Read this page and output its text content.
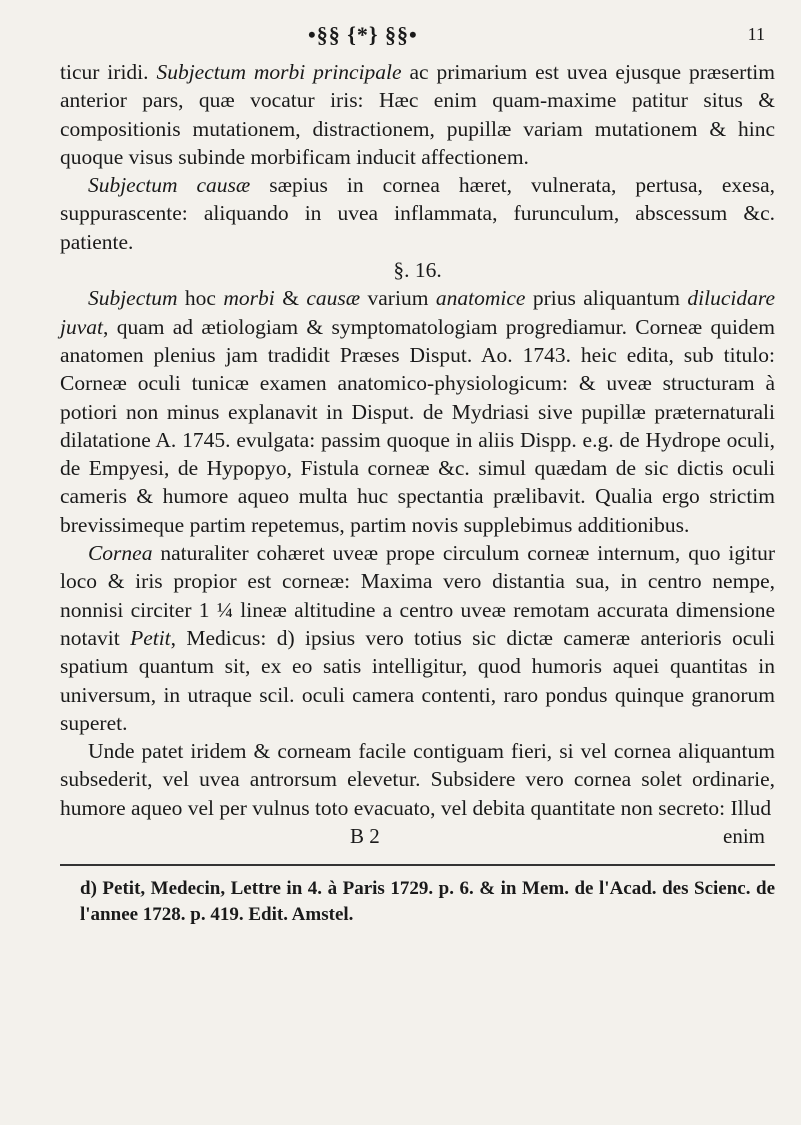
•§§ {*} §§•	11

ticur iridi. Subjectum morbi principale ac primarium est uvea ejusque præsertim anterior pars, quæ vocatur iris: Hæc enim quam-maxime patitur situs & compositionis mutationem, distractionem, pupillæ variam mutationem & hinc quoque visus subinde morbificam inducit affectionem.

Subjectum causæ sæpius in cornea hæret, vulnerata, pertusa, exesa, suppurascente: aliquando in uvea inflammata, furunculum, abscessum &c. patiente.

§. 16.

Subjectum hoc morbi & causæ varium anatomice prius aliquantum dilucidare juvat, quam ad ætiologiam & symptomatologiam progrediamur. Corneæ quidem anatomen plenius jam tradidit Præses Disput. Ao. 1743. heic edita, sub titulo: Corneæ oculi tunicæ examen anatomico-physiologicum: & uveæ structuram à potiori non minus explanavit in Disput. de Mydriasi sive pupillæ præternaturali dilatatione A. 1745. evulgata: passim quoque in aliis Dispp. e.g. de Hydrope oculi, de Empyesi, de Hypopyo, Fistula corneæ &c. simul quædam de sic dictis oculi cameris & humore aqueo multa huc spectantia prælibavit. Qualia ergo strictim brevissimeque partim repetemus, partim novis supplebimus additionibus.

Cornea naturaliter cohæret uveæ prope circulum corneæ internum, quo igitur loco & iris propior est corneæ: Maxima vero distantia sua, in centro nempe, nonnisi circiter 1 ¼ lineæ altitudine a centro uveæ remotam accurata dimensione notavit Petit, Medicus: d) ipsius vero totius sic dictæ cameræ anterioris oculi spatium quantum sit, ex eo satis intelligitur, quod humoris aquei quantitas in universum, in utraque scil. oculi camera contenti, raro pondus quinque granorum superet.

Unde patet iridem & corneam facile contiguam fieri, si vel cornea aliquantum subsederit, vel uvea antrorsum elevetur. Subsidere vero cornea solet ordinarie, humore aqueo vel per vulnus toto evacuato, vel debita quantitate non secreto: Illud

B 2	enim
d) Petit, Medecin, Lettre in 4. à Paris 1729. p. 6. & in Mem. de l'Acad. des Scienc. de l'annee 1728. p. 419. Edit. Amstel.
